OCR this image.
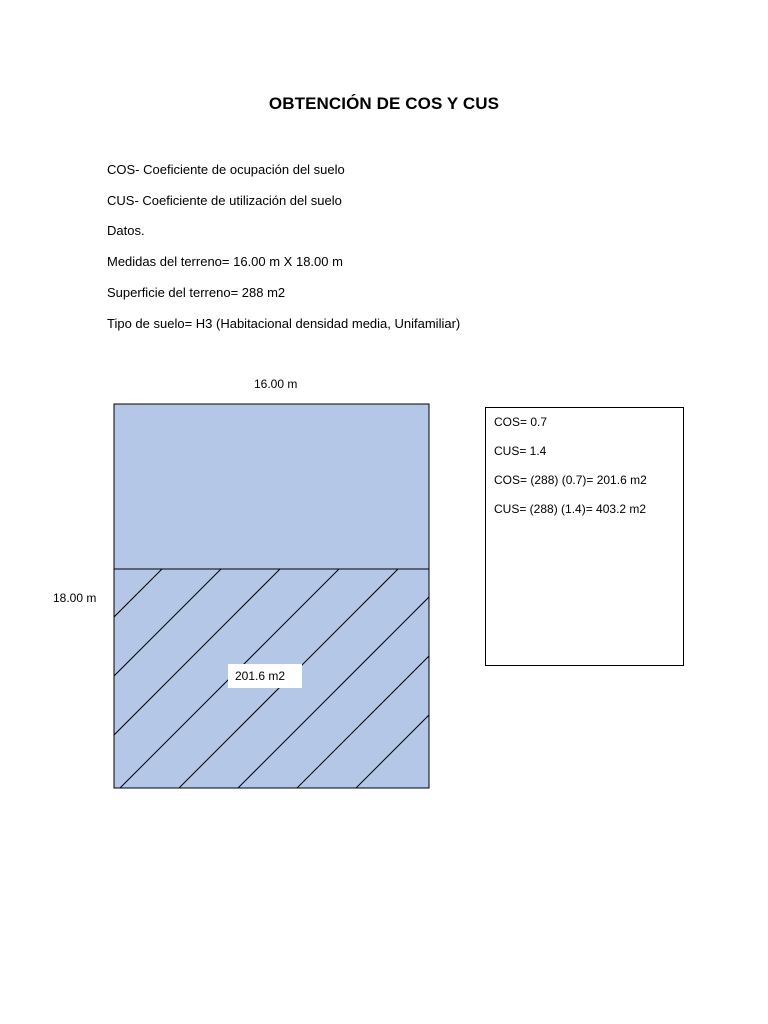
OBTENCIÓN DE COS Y CUS
COS- Coeficiente de ocupación del suelo
CUS- Coeficiente de utilización del suelo
Datos.
Medidas del terreno= 16.00 m X 18.00 m
Superficie del terreno= 288 m2
Tipo de suelo= H3 (Habitacional densidad media, Unifamiliar)
16.00 m
18.00 m
201.6 m2
COS= 0.7
CUS= 1.4
COS= (288) (0.7)= 201.6 m2
CUS= (288) (1.4)= 403.2 m2
